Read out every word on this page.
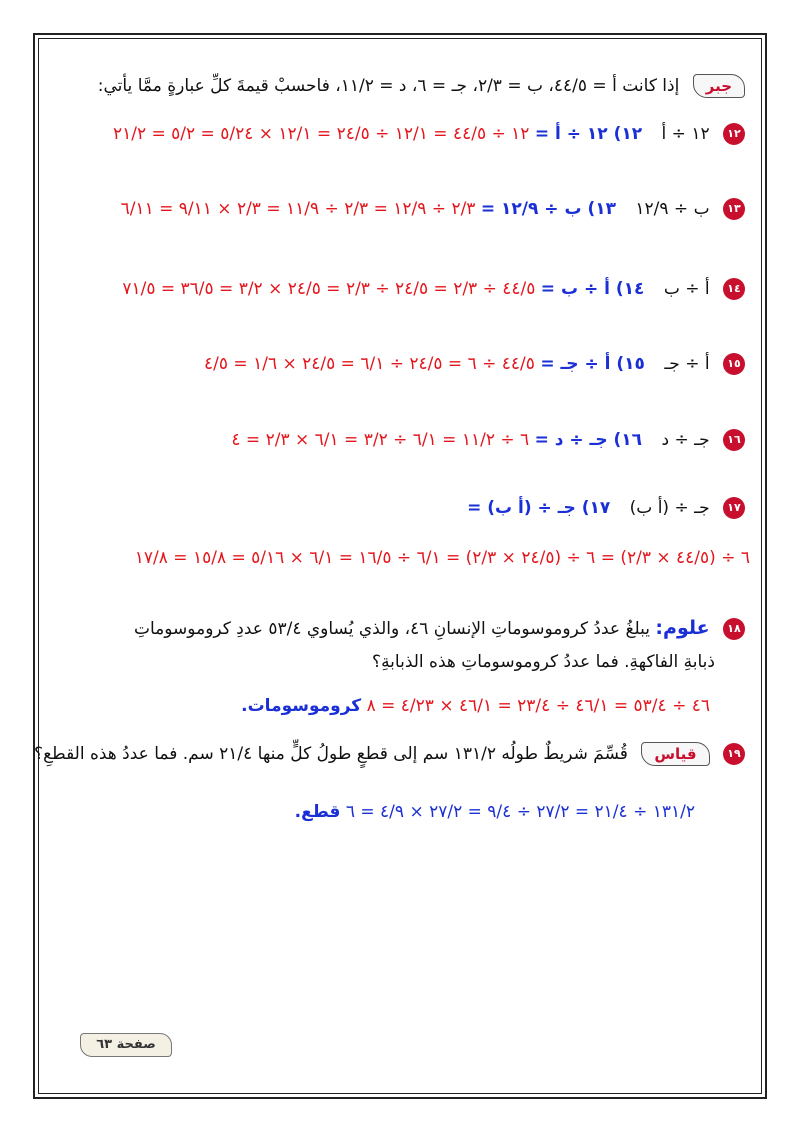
جبر إذا كانت أ = ٤٤/٥، ب = ٢/٣، جـ = ٦، د = ١١/٢، فاحسبْ قيمةَ كلِّ عبارةٍ ممَّا يأتي:
١٢ ١٢ ÷ أ ١٢) ١٢ ÷ أ = ١٢ ÷ ٤٤/٥ = ١٢/١ ÷ ٢٤/٥ = ١٢/١ × ٥/٢٤ = ٥/٢ = ٢١/٢
١٣ ب ÷ ١٢/٩ ١٣) ب ÷ ١٢/٩ = ٢/٣ ÷ ١٢/٩ = ٢/٣ ÷ ١١/٩ = ٢/٣ × ٩/١١ = ٦/١١
١٤ أ ÷ ب ١٤) أ ÷ ب = ٤٤/٥ ÷ ٢/٣ = ٢٤/٥ ÷ ٢/٣ = ٢٤/٥ × ٣/٢ = ٣٦/٥ = ٧١/٥
١٥ أ ÷ جـ ١٥) أ ÷ جـ = ٤٤/٥ ÷ ٦ = ٢٤/٥ ÷ ٦/١ = ٢٤/٥ × ١/٦ = ٤/٥
١٦ جـ ÷ د ١٦) جـ ÷ د = ٦ ÷ ١١/٢ = ٦/١ ÷ ٣/٢ = ٦/١ × ٢/٣ = ٤
١٧ جـ ÷ (أ ب) ١٧) جـ ÷ (أ ب) =
٦ ÷ (٤٤/٥ × ٢/٣) = ٦ ÷ (٢٤/٥ × ٢/٣) = ٦/١ ÷ ١٦/٥ = ٦/١ × ٥/١٦ = ١٥/٨ = ١٧/٨
١٨ علوم: يبلغُ عددُ كروموسوماتِ الإنسانِ ٤٦، والذي يُساوي ٥٣/٤ عددِ كروموسوماتِ
ذبابةِ الفاكهةِ. فما عددُ كروموسوماتِ هذه الذبابةِ؟
٤٦ ÷ ٥٣/٤ = ٤٦/١ ÷ ٢٣/٤ = ٤٦/١ × ٤/٢٣ = ٨ كروموسومات.
١٩ قياس قُسِّمَ شريطٌ طولُه ١٣١/٢ سم إلى قطعٍ طولُ كلٍّ منها ٢١/٤ سم. فما عددُ هذه القطعِ؟
١٣١/٢ ÷ ٢١/٤ = ٢٧/٢ ÷ ٩/٤ = ٢٧/٢ × ٤/٩ = ٦ قطع.
صفحة ٦٣
